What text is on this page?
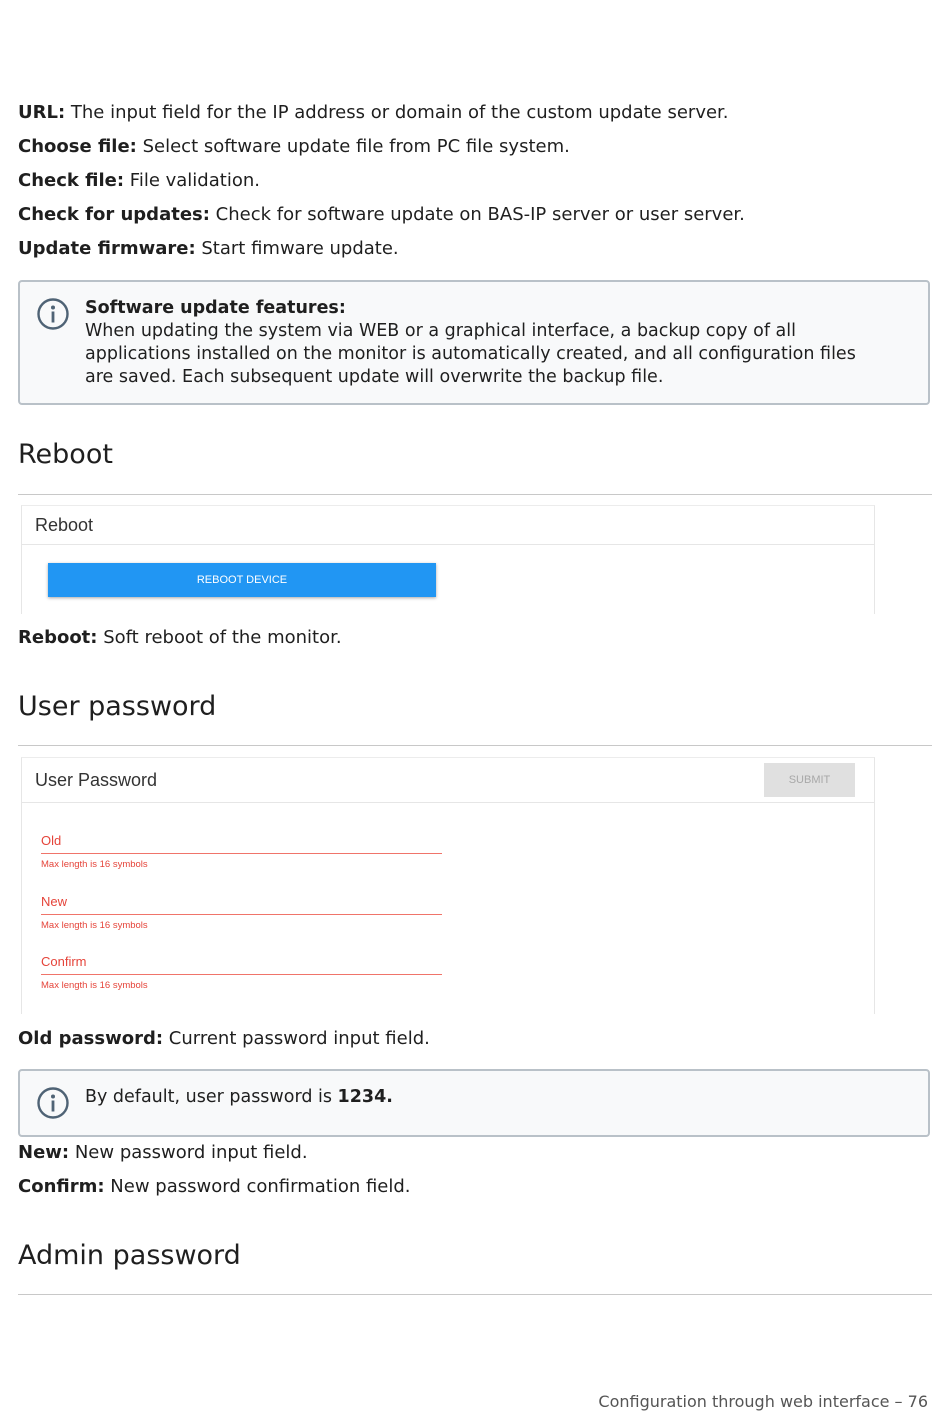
URL: The input field for the IP address or domain of the custom update server.
Choose file: Select software update file from PC file system.
Check file: File validation.
Check for updates: Check for software update on BAS-IP server or user server.
Update firmware: Start fimware update.
Software update features:
When updating the system via WEB or a graphical interface, a backup copy of all
applications installed on the monitor is automatically created, and all configuration files
are saved. Each subsequent update will overwrite the backup file.
Reboot
Reboot
REBOOT DEVICE
Reboot: Soft reboot of the monitor.
User password
User Password	SUBMIT
Old
Max length is 16 symbols
New
Max length is 16 symbols
Confirm
Max length is 16 symbols
Old password: Current password input field.
By default, user password is 1234.
New: New password input field.
Confirm: New password confirmation field.
Admin password
Configuration through web interface – 76
